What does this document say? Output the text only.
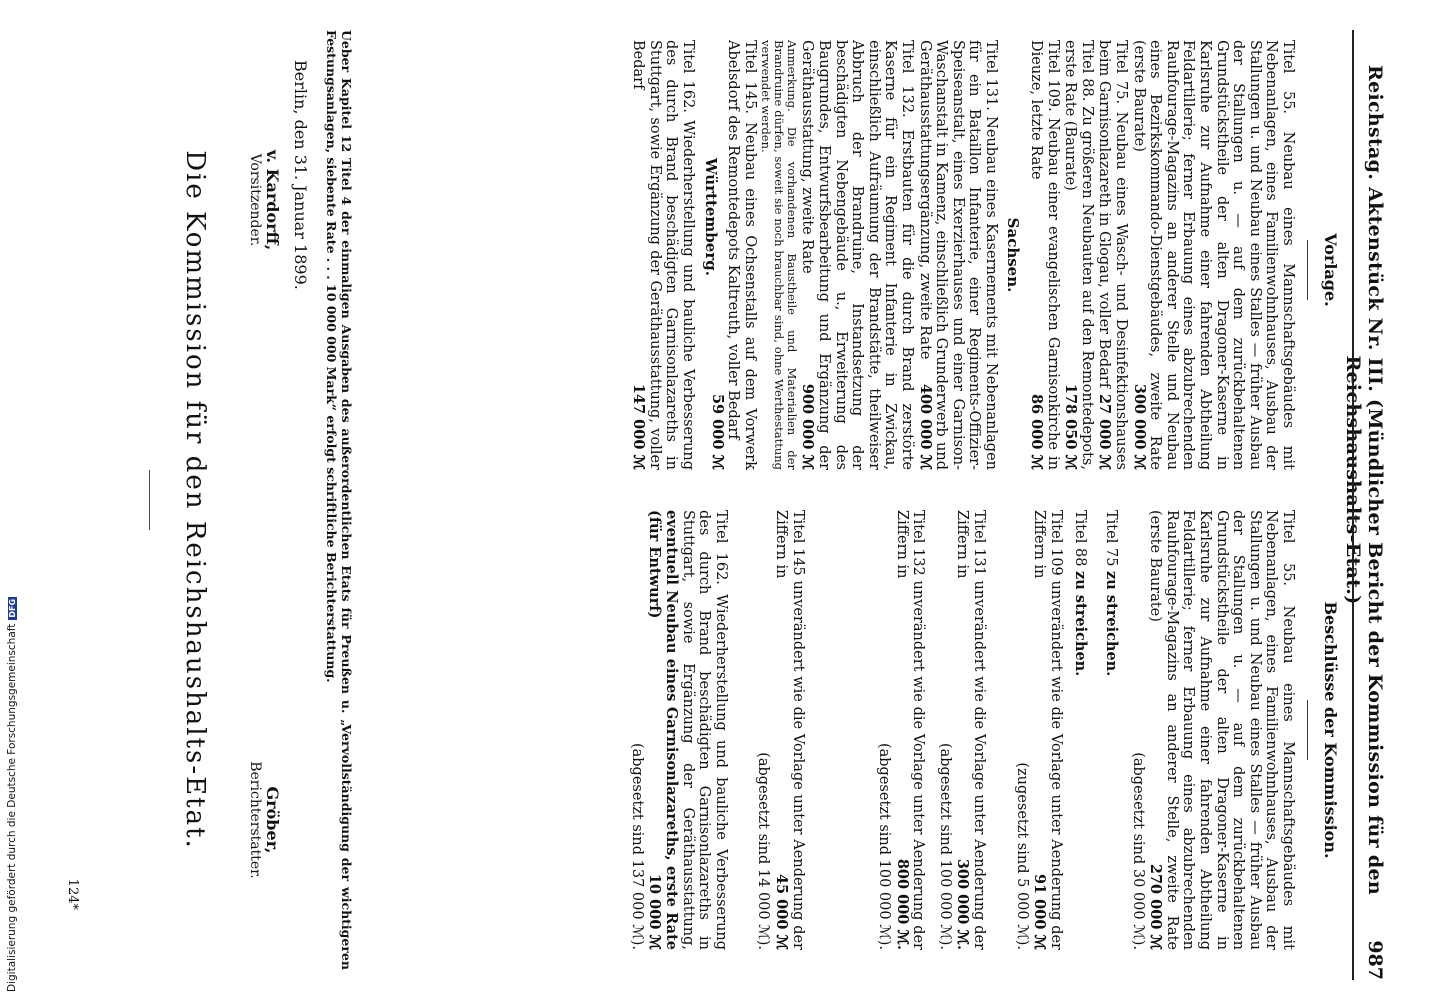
Reichstag. Aktenstück Nr. III. (Mündlicher Bericht der Kommission für den Reichshaushalts-Etat.)
987
Vorlage.
Beschlüsse der Kommission.

Titel 55. Neubau eines Mannschaftsgebäudes mit Nebenanlagen, eines Familienwohnhauses, Ausbau der Stallungen u. und Neubau eines Stalles — früher Ausbau der Stallungen u. — auf dem zurückbehaltenen Grundstückstheile der alten Dragoner-Kaserne in Karlsruhe zur Aufnahme einer fahrenden Abtheilung Feldartillerie; ferner Erbauung eines abzubrechenden Rauhfourage-Magazins an anderer Stelle und Neubau eines Bezirkskommando-Dienstgebäudes, zweite Rate (erste Baurate)
300 000 ℳ

Titel 75. Neubau eines Wasch- und Desinfektionshauses beim Garnisonlazareth in Glogau, voller Bedarf
27 000 ℳ

Titel 88. Zu größeren Neubauten auf den Remontedepots, erste Rate (Baurate)
178 050 ℳ

Titel 109. Neubau einer evangelischen Garnisonkirche in Dieuze, letzte Rate
86 000 ℳ

Sachsen.

Titel 131. Neubau eines Kasernements mit Nebenanlagen für ein Bataillon Infanterie, einer Regiments-Offizier-Speiseanstalt, eines Exerzierhauses und einer Garnison-Waschanstalt in Kamenz, einschließlich Grunderwerb und Geräthausstattungsergänzung, zweite Rate
400 000 ℳ

Titel 132. Erstbauten für die durch Brand zerstörte Kaserne für ein Regiment Infanterie in Zwickau, einschließlich Aufräumung der Brandstätte, theilweiser Abbruch der Brandruine, Instandsetzung der beschädigten Nebengebäude u., Erweiterung des Baugrundes, Entwurfsbearbeitung und Ergänzung der Geräthausstattung, zweite Rate
900 000 ℳ

Anmerkung. Die vorhandenen Baustheile und Materialien der Brandruine dürfen, soweit sie noch brauchbar sind, ohne Werthestattung verwendet werden.

Titel 145. Neubau eines Ochsenstalls auf dem Vorwerk Abelsdorf des Remontedepots Kaltreuth, voller Bedarf
59 000 ℳ

Württemberg.

Titel 162. Wiederherstellung und bauliche Verbesserung des durch Brand beschädigten Garnisonlazareths in Stuttgart, sowie Ergänzung der Geräthausstattung, voller Bedarf
147 000 ℳ

Titel 55. Neubau eines Mannschaftsgebäudes mit Nebenanlagen, eines Familienwohnhauses, Ausbau der Stallungen u. und Neubau eines Stalles — früher Ausbau der Stallungen u. — auf dem zurückbehaltenen Grundstückstheile der alten Dragoner-Kaserne in Karlsruhe zur Aufnahme einer fahrenden Abtheilung Feldartillerie; ferner Erbauung eines abzubrechenden Rauhfourage-Magazins an anderer Stelle, zweite Rate (erste Baurate)
270 000 ℳ

(abgesetzt sind 30 000 ℳ).

Titel 75 zu streichen.

Titel 88 zu streichen.

Titel 109 unverändert wie die Vorlage unter Aenderung der Ziffern in
91 000 ℳ

(zugesetzt sind 5 000 ℳ).

Titel 131 unverändert wie die Vorlage unter Aenderung der Ziffern in
300 000 ℳ.

(abgesetzt sind 100 000 ℳ).

Titel 132 unverändert wie die Vorlage unter Aenderung der Ziffern in
800 000 ℳ.

(abgesetzt sind 100 000 ℳ).

Titel 145 unverändert wie die Vorlage unter Aenderung der Ziffern in
45 000 ℳ

(abgesetzt sind 14 000 ℳ).

Titel 162. Wiederherstellung und bauliche Verbesserung des durch Brand beschädigten Garnisonlazareths in Stuttgart, sowie Ergänzung der Geräthausstattung, eventuell Neubau eines Garnisonlazareths, erste Rate (für Entwurf)
10 000 ℳ

(abgesetzt sind 137 000 ℳ).

Ueber Kapitel 12 Titel 4 der einmaligen Ausgaben des außerordentlichen Etats für Preußen u. „Vervollständigung der wichtigeren Festungsanlagen, siebente Rate . . . 10 000 000 Mark“ erfolgt schriftliche Berichterstattung.
Berlin, den 31. Januar 1899.
v. Kardorff,
Vorsitzender.
Gröber,
Berichterstatter.
Die Kommission für den Reichshaushalts-Etat.
124*
Digitalisierung gefördert durch die Deutsche ForschungsgemeinschaftDFG
